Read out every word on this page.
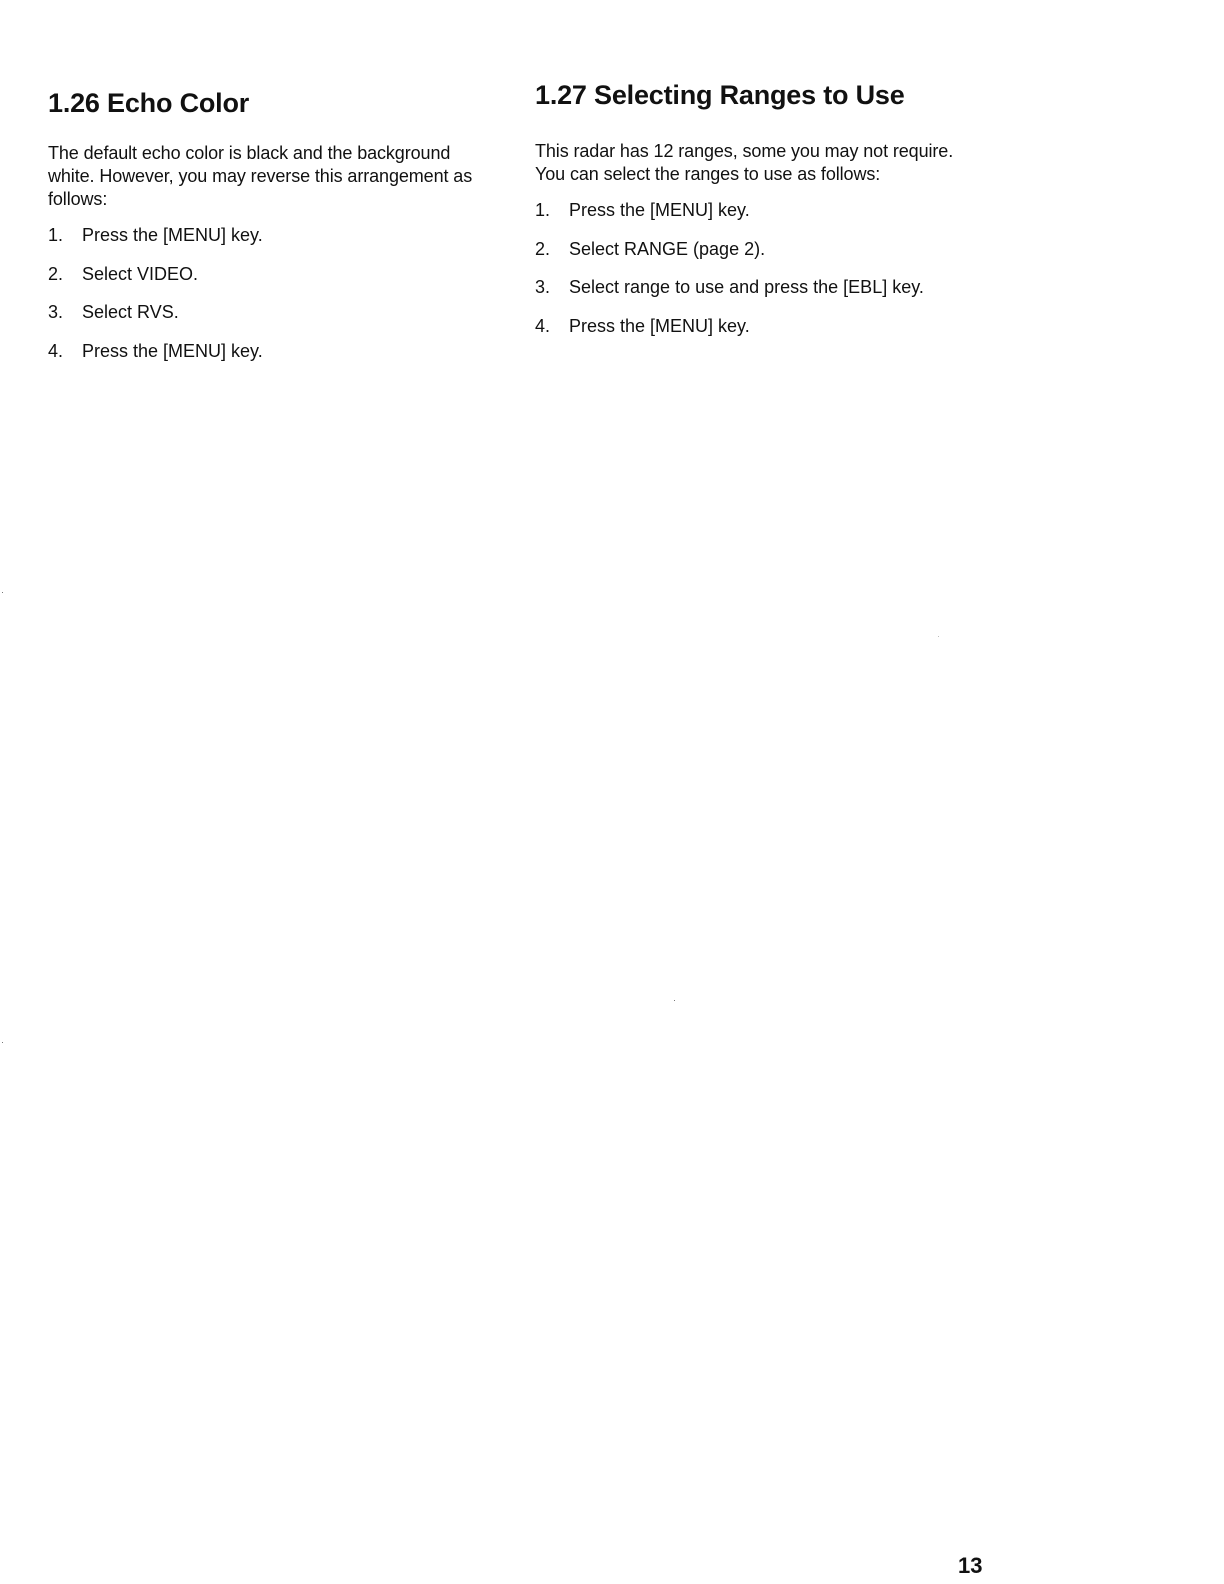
1.26 Echo Color

The default echo color is black and the background white. However, you may reverse this arrangement as follows:

1.	Press the [MENU] key.
2.	Select VIDEO.
3.	Select RVS.
4.	Press the [MENU] key.
1.27 Selecting Ranges to Use

This radar has 12 ranges, some you may not require. You can select the ranges to use as follows:

1.	Press the [MENU] key.
2.	Select RANGE (page 2).
3.	Select range to use and press the [EBL] key.
4.	Press the [MENU] key.
13
